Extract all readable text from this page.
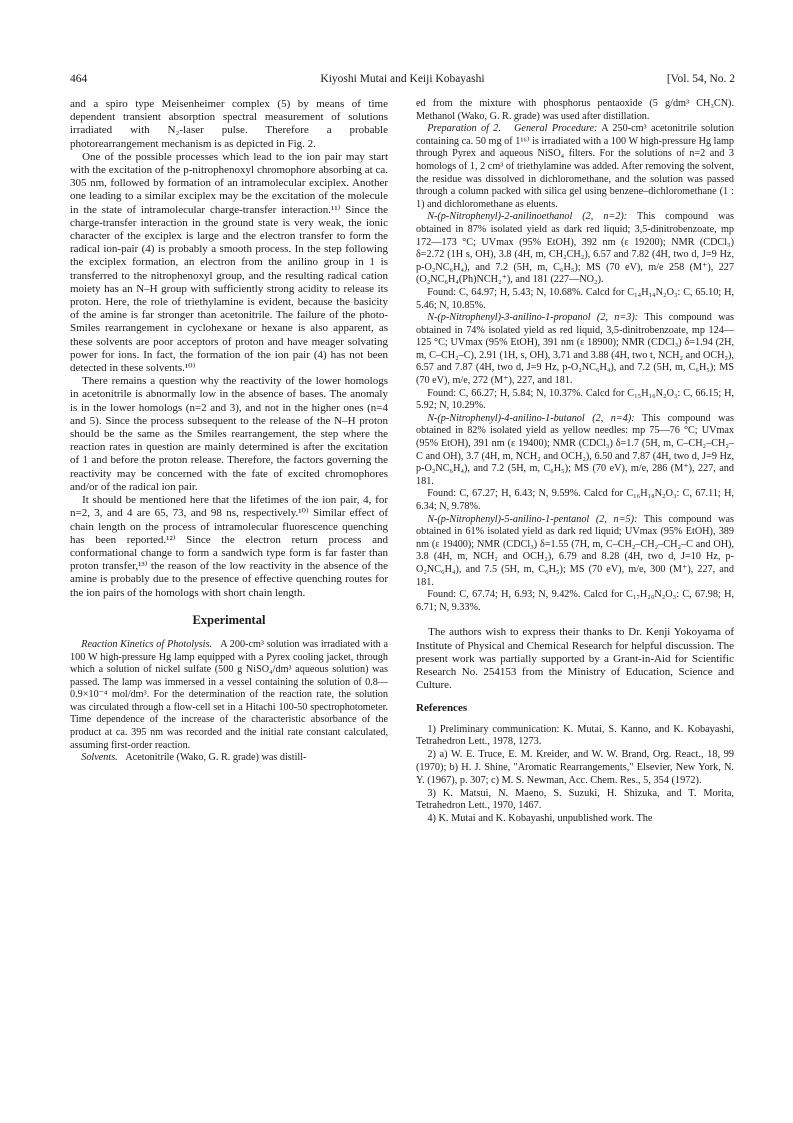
464	Kiyoshi Mutai and Keiji Kobayashi	[Vol. 54, No. 2

and a spiro type Meisenheimer complex (5) by means of time dependent transient absorption spectral measurement of solutions irradiated with N₂-laser pulse. Therefore a probable photorearrangement mechanism is as depicted in Fig. 2.

One of the possible processes which lead to the ion pair may start with the excitation of the p-nitrophenoxyl chromophore absorbing at ca. 305 nm, followed by formation of an intramolecular exciplex. Another one leading to a similar exciplex may be the excitation of the molecule in the state of intramolecular charge-transfer interaction.¹¹⁾ Since the charge-transfer interaction in the ground state is very weak, the ionic character of the exciplex is large and the electron transfer to form the radical ion-pair (4) is probably a smooth process. In the step following the exciplex formation, an electron from the anilino group in 1 is transferred to the nitrophenoxyl group, and the resulting radical cation moiety has an N–H group with sufficiently strong acidity to release its proton. Here, the role of triethylamine is evident, because the basicity of the amine is far stronger than acetonitrile. The failure of the photo-Smiles rearrangement in cyclohexane or hexane is also apparent, as these solvents are poor acceptors of proton and have meager solvating power for ions. In fact, the formation of the ion pair (4) has not been detected in these solvents.¹⁰⁾

There remains a question why the reactivity of the lower homologs in acetonitrile is abnormally low in the absence of bases. The anomaly is in the lower homologs (n=2 and 3), and not in the higher ones (n=4 and 5). Since the process subsequent to the release of the N–H proton should be the same as the Smiles rearrangement, the step where the reaction rates in question are mainly determined is after the excitation of 1 and before the proton release. Therefore, the factors governing the reactivity may be concerned with the fate of excited chromophores and/or of the radical ion pair.

It should be mentioned here that the lifetimes of the ion pair, 4, for n=2, 3, and 4 are 65, 73, and 98 ns, respectively.¹⁰⁾ Similar effect of chain length on the process of intramolecular fluorescence quenching has been reported.¹²⁾ Since the electron return process and conformational change to form a sandwich type form is far faster than proton transfer,¹³⁾ the reason of the low reactivity in the absence of the amine is probably due to the presence of effective quenching routes for the ion pairs of the homologs with short chain length.

Experimental

Reaction Kinetics of Photolysis. A 200-cm³ solution was irradiated with a 100 W high-pressure Hg lamp equipped with a Pyrex cooling jacket, through which a solution of nickel sulfate (500 g NiSO₄/dm³ aqueous solution) was passed. The lamp was immersed in a vessel containing the solution of 0.8—0.9×10⁻⁴ mol/dm³. For the determination of the reaction rate, the solution was circulated through a flow-cell set in a Hitachi 100-50 spectrophotometer. Time dependence of the increase of the characteristic absorbance of the product at ca. 395 nm was recorded and the initial rate constant calculated, assuming first-order reaction.

Solvents. Acetonitrile (Wako, G. R. grade) was distill-

ed from the mixture with phosphorus pentaoxide (5 g/dm³ CH₃CN). Methanol (Wako, G. R. grade) was used after distillation.

Preparation of 2. General Procedure: A 250-cm³ acetonitrile solution containing ca. 50 mg of 1¹⁶⁾ is irradiated with a 100 W high-pressure Hg lamp through Pyrex and aqueous NiSO₄ filters. For the solutions of n=2 and 3 homologs of 1, 2 cm³ of triethylamine was added. After removing the solvent, the residue was dissolved in dichloromethane, and the solution was passed through a column packed with silica gel using benzene–dichloromethane (1 : 1) and dichloromethane as eluents.

N-(p-Nitrophenyl)-2-anilinoethanol (2, n=2): This compound was obtained in 87% isolated yield as dark red liquid; 3,5-dinitrobenzoate, mp 172—173 °C; UVmax (95% EtOH), 392 nm (ε 19200); NMR (CDCl₃) δ=2.72 (1H s, OH), 3.8 (4H, m, CH₂CH₂), 6.57 and 7.82 (4H, two d, J=9 Hz, p-O₂NC₆H₄), and 7.2 (5H, m, C₆H₅); MS (70 eV), m/e 258 (M⁺), 227 (O₂NC₆H₄(Ph)NCH₂⁺), and 181 (227—NO₂).

Found: C, 64.97; H, 5.43; N, 10.68%. Calcd for C₁₄H₁₄N₂O₃: C, 65.10; H, 5.46; N, 10.85%.

N-(p-Nitrophenyl)-3-anilino-1-propanol (2, n=3): This compound was obtained in 74% isolated yield as red liquid, 3,5-dinitrobenzoate, mp 124—125 °C; UVmax (95% EtOH), 391 nm (ε 18900); NMR (CDCl₃) δ=1.94 (2H, m, C–CH₂–C), 2.91 (1H, s, OH), 3.71 and 3.88 (4H, two t, NCH₂ and OCH₂), 6.57 and 7.87 (4H, two d, J=9 Hz, p-O₂NC₆H₄), and 7.2 (5H, m, C₆H₅); MS (70 eV), m/e, 272 (M⁺), 227, and 181.

Found: C, 66.27; H, 5.84; N, 10.37%. Calcd for C₁₅H₁₆N₂O₃: C, 66.15; H, 5.92; N, 10.29%.

N-(p-Nitrophenyl)-4-anilino-1-butanol (2, n=4): This compound was obtained in 82% isolated yield as yellow needles: mp 75—76 °C; UVmax (95% EtOH), 391 nm (ε 19400); NMR (CDCl₃) δ=1.7 (5H, m, C–CH₂–CH₂–C and OH), 3.7 (4H, m, NCH₂ and OCH₂), 6.50 and 7.87 (4H, two d, J=9 Hz, p-O₂NC₆H₄), and 7.2 (5H, m, C₆H₅); MS (70 eV), m/e, 286 (M⁺), 227, and 181.

Found: C, 67.27; H, 6.43; N, 9.59%. Calcd for C₁₆H₁₈N₂O₃: C, 67.11; H, 6.34; N, 9.78%.

N-(p-Nitrophenyl)-5-anilino-1-pentanol (2, n=5): This compound was obtained in 61% isolated yield as dark red liquid; UVmax (95% EtOH), 389 nm (ε 19400); NMR (CDCl₃) δ=1.55 (7H, m, C–CH₂–CH₂–CH₂–C and OH), 3.8 (4H, m, NCH₂ and OCH₂), 6.79 and 8.28 (4H, two d, J=10 Hz, p-O₂NC₆H₄), and 7.5 (5H, m, C₆H₅); MS (70 eV), m/e, 300 (M⁺), 227, and 181.

Found: C, 67.74; H, 6.93; N, 9.42%. Calcd for C₁₇H₂₀N₂O₃: C, 67.98; H, 6.71; N, 9.33%.

The authors wish to express their thanks to Dr. Kenji Yokoyama of Institute of Physical and Chemical Research for helpful discussion. The present work was partially supported by a Grant-in-Aid for Scientific Research No. 254153 from the Ministry of Education, Science and Culture.

References

1) Preliminary communication: K. Mutai, S. Kanno, and K. Kobayashi, Tetrahedron Lett., 1978, 1273.

2) a) W. E. Truce, E. M. Kreider, and W. W. Brand, Org. React., 18, 99 (1970); b) H. J. Shine, "Aromatic Rearrangements," Elsevier, New York, N. Y. (1967), p. 307; c) M. S. Newman, Acc. Chem. Res., 5, 354 (1972).

3) K. Matsui, N. Maeno, S. Suzuki, H. Shizuka, and T. Morita, Tetrahedron Lett., 1970, 1467.

4) K. Mutai and K. Kobayashi, unpublished work. The
